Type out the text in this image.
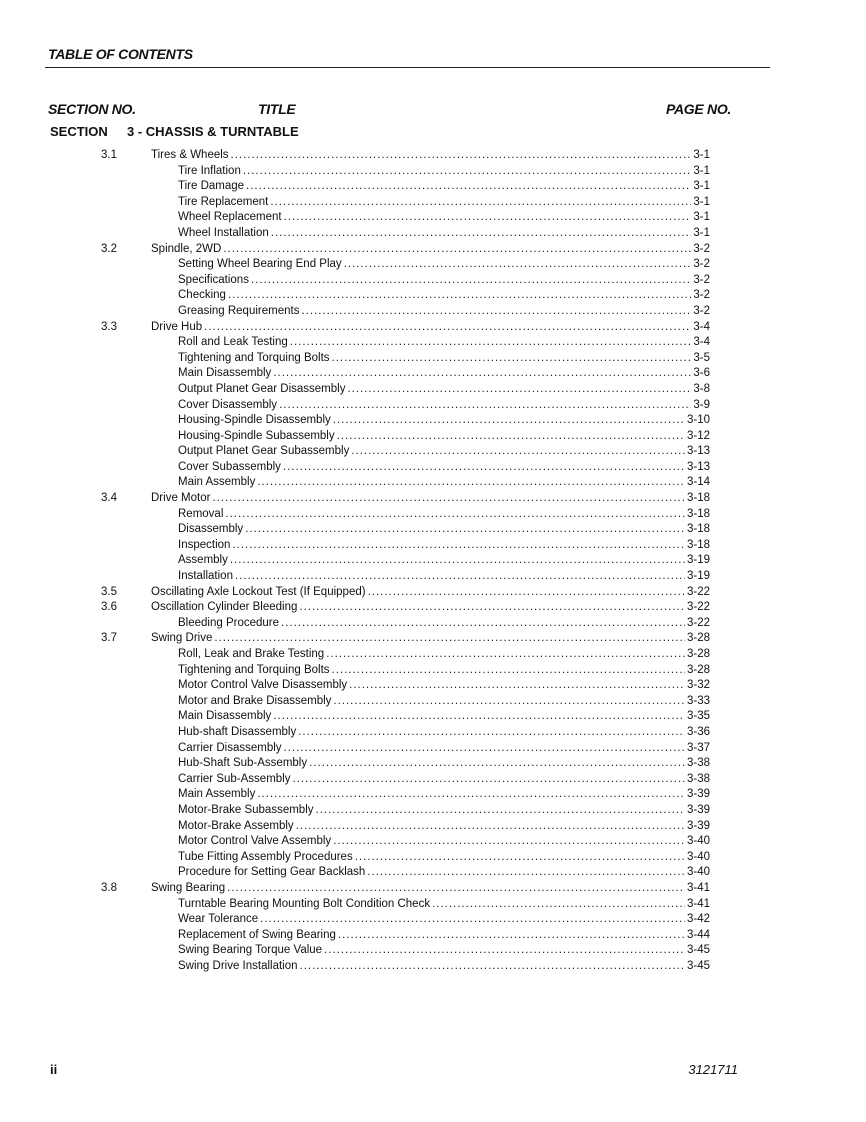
TABLE OF CONTENTS
SECTION NO.	TITLE	PAGE NO.
SECTION 3 - CHASSIS & TURNTABLE
3.1	Tires & Wheels . . .	3-1
Tire Inflation . . .	3-1
Tire Damage . . .	3-1
Tire Replacement . . .	3-1
Wheel Replacement . . .	3-1
Wheel Installation . . .	3-1
3.2	Spindle, 2WD . . .	3-2
Setting Wheel Bearing End Play . . .	3-2
Specifications . . .	3-2
Checking . . .	3-2
Greasing Requirements . . .	3-2
3.3	Drive Hub . . .	3-4
Roll and Leak Testing . . .	3-4
Tightening and Torquing Bolts . . .	3-5
Main Disassembly . . .	3-6
Output Planet Gear Disassembly . . .	3-8
Cover Disassembly . . .	3-9
Housing-Spindle Disassembly . . .	3-10
Housing-Spindle Subassembly . . .	3-12
Output Planet Gear Subassembly . . .	3-13
Cover Subassembly . . .	3-13
Main Assembly . . .	3-14
3.4	Drive Motor . . .	3-18
Removal . . .	3-18
Disassembly . . .	3-18
Inspection . . .	3-18
Assembly . . .	3-19
Installation . . .	3-19
3.5	Oscillating Axle Lockout Test (If Equipped) . . .	3-22
3.6	Oscillation Cylinder Bleeding . . .	3-22
Bleeding Procedure . . .	3-22
3.7	Swing Drive . . .	3-28
Roll, Leak and Brake Testing . . .	3-28
Tightening and Torquing Bolts . . .	3-28
Motor Control Valve Disassembly . . .	3-32
Motor and Brake Disassembly . . .	3-33
Main Disassembly . . .	3-35
Hub-shaft Disassembly . . .	3-36
Carrier Disassembly . . .	3-37
Hub-Shaft Sub-Assembly . . .	3-38
Carrier Sub-Assembly . . .	3-38
Main Assembly . . .	3-39
Motor-Brake Subassembly . . .	3-39
Motor-Brake Assembly . . .	3-39
Motor Control Valve Assembly . . .	3-40
Tube Fitting Assembly Procedures . . .	3-40
Procedure for Setting Gear Backlash . . .	3-40
3.8	Swing Bearing . . .	3-41
Turntable Bearing Mounting Bolt Condition Check . . .	3-41
Wear Tolerance . . .	3-42
Replacement of Swing Bearing . . .	3-44
Swing Bearing Torque Value . . .	3-45
Swing Drive Installation . . .	3-45
ii	3121711
